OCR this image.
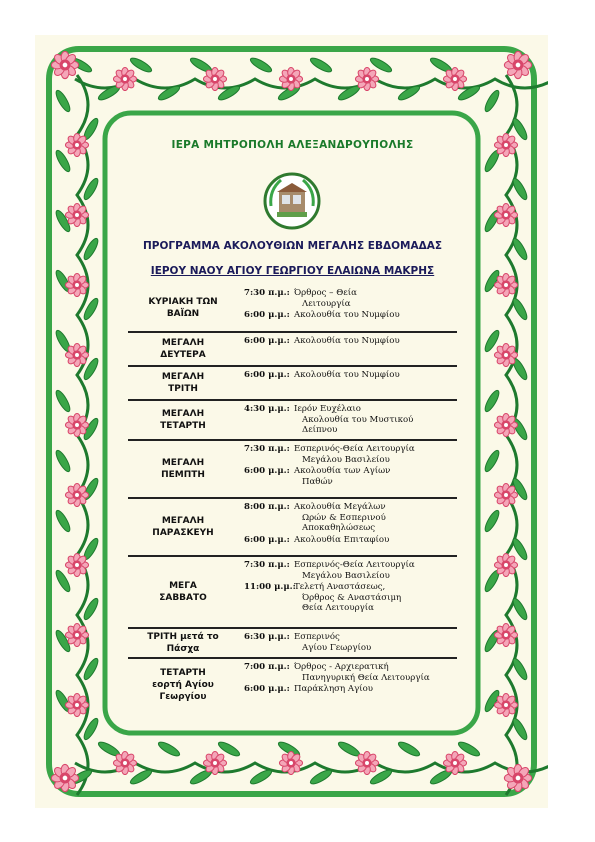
ΙΕΡΑ ΜΗΤΡΟΠΟΛΗ ΑΛΕΞΑΝΔΡΟΥΠΟΛΗΣ
ΠΡΟΓΡΑΜΜΑ ΑΚΟΛΟΥΘΙΩΝ ΜΕΓΑΛΗΣ ΕΒΔΟΜΑΔΑΣ
ΙΕΡΟΥ ΝΑΟΥ ΑΓΙΟΥ ΓΕΩΡΓΙΟΥ ΕΛΑΙΩΝΑ ΜΑΚΡΗΣ
ΚΥΡΙΑΚΗ ΤΩΝ
ΒΑΪΩΝ
7:30 π.μ.: Όρθρος – Θεία
Λειτουργία
6:00 μ.μ.: Ακολουθία του Νυμφίου
ΜΕΓΑΛΗ
ΔΕΥΤΕΡΑ
6:00 μ.μ.: Ακολουθία του Νυμφίου
ΜΕΓΑΛΗ
ΤΡΙΤΗ
6:00 μ.μ.: Ακολουθία του Νυμφίου
ΜΕΓΑΛΗ
ΤΕΤΑΡΤΗ
4:30 μ.μ.: Ιερόν Ευχέλαιο
Ακολουθία του Μυστικού
Δείπνου
ΜΕΓΑΛΗ
ΠΕΜΠΤΗ
7:30 π.μ.: Εσπερινός-Θεία Λειτουργία
Μεγάλου Βασιλείου
6:00 μ.μ.: Ακολουθία των Αγίων
Παθών
ΜΕΓΑΛΗ
ΠΑΡΑΣΚΕΥΗ
8:00 π.μ.: Ακολουθία Μεγάλων
Ωρών & Εσπερινού
Αποκαθηλώσεως
6:00 μ.μ.: Ακολουθία Επιταφίου
ΜΕΓΑ
ΣΑΒΒΑΤΟ
7:30 π.μ.: Εσπερινός-Θεία Λειτουργία
Μεγάλου Βασιλείου
11:00 μ.μ.:
Τελετή Αναστάσεως,
Όρθρος & Αναστάσιμη
Θεία Λειτουργία
ΤΡΙΤΗ μετά το
Πάσχα
6:30 μ.μ.: Εσπερινός
Αγίου Γεωργίου
ΤΕΤΑΡΤΗ
εορτή Αγίου
Γεωργίου
7:00 π.μ.: Όρθρος - Αρχιερατική
Πανηγυρική Θεία Λειτουργία
6:00 μ.μ.: Παράκληση Αγίου
